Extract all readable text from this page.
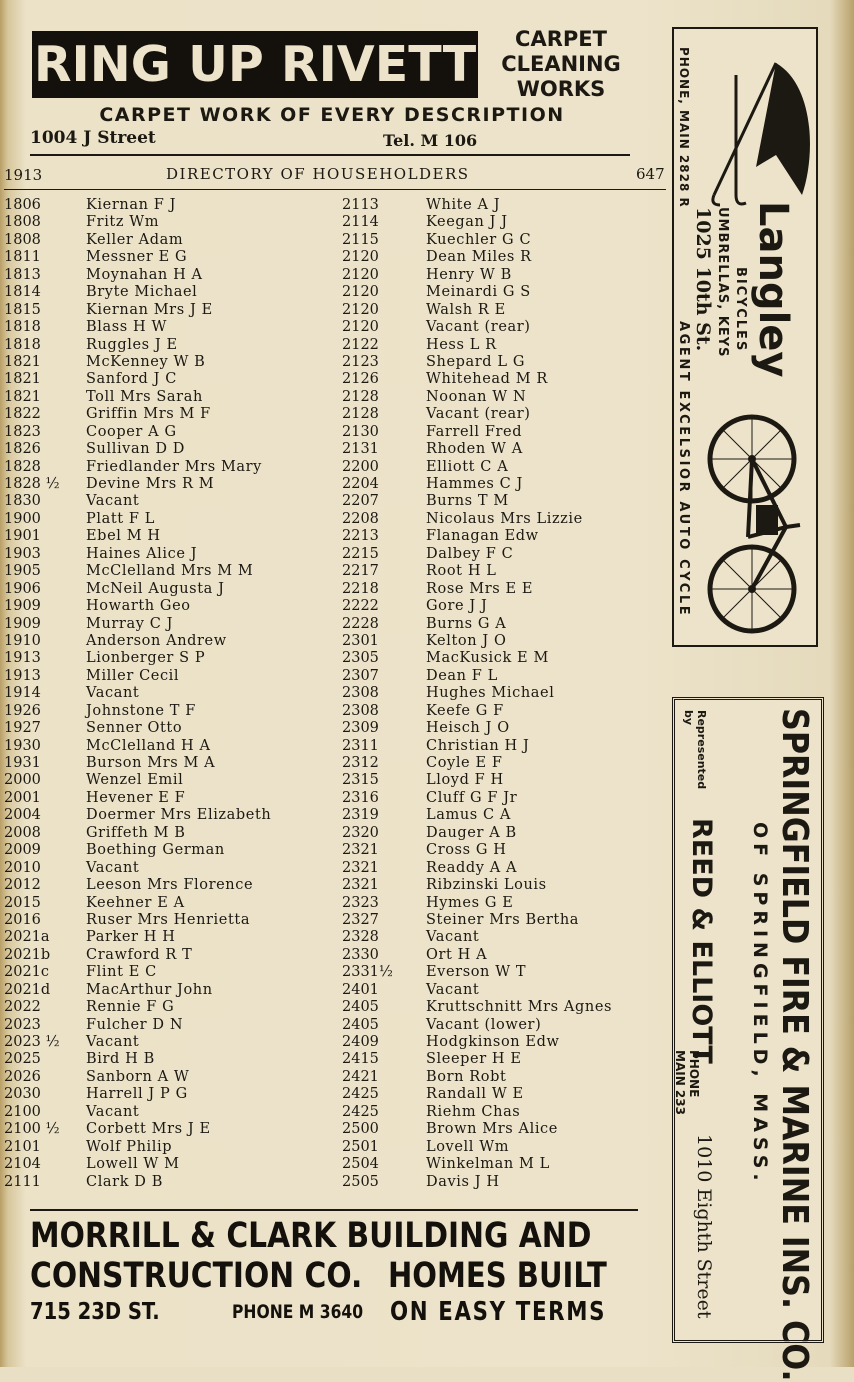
RING UP RIVETT	CARPET
CLEANING
WORKS
CARPET WORK OF EVERY DESCRIPTION
1004 J Street	Tel. M 106
1913	DIRECTORY OF HOUSEHOLDERS	647
1806	Kiernan F J	2113	White A J
1808	Fritz Wm	2114	Keegan J J
1808	Keller Adam	2115	Kuechler G C
1811	Messner E G	2120	Dean Miles R
1813	Moynahan H A	2120	Henry W B
1814	Bryte Michael	2120	Meinardi G S
1815	Kiernan Mrs J E	2120	Walsh R E
1818	Blass H W	2120	Vacant (rear)
1818	Ruggles J E	2122	Hess L R
1821	McKenney W B	2123	Shepard L G
1821	Sanford J C	2126	Whitehead M R
1821	Toll Mrs Sarah	2128	Noonan W N
1822	Griffin Mrs M F	2128	Vacant (rear)
1823	Cooper A G	2130	Farrell Fred
1826	Sullivan D D	2131	Rhoden W A
1828	Friedlander Mrs Mary	2200	Elliott C A
1828 ½ Devine Mrs R M	2204	Hammes C J
1830	Vacant	2207	Burns T M
1900	Platt F L	2208	Nicolaus Mrs Lizzie
1901	Ebel M H	2213	Flanagan Edw
1903	Haines Alice J	2215	Dalbey F C
1905	McClelland Mrs M M	2217	Root H L
1906	McNeil Augusta J	2218	Rose Mrs E E
1909	Howarth Geo	2222	Gore J J
1909	Murray C J	2228	Burns G A
1910	Anderson Andrew	2301	Kelton J O
1913	Lionberger S P	2305	MacKusick E M
1913	Miller Cecil	2307	Dean F L
1914	Vacant	2308	Hughes Michael
1926	Johnstone T F	2308	Keefe G F
1927	Senner Otto	2309	Heisch J O
1930	McClelland H A	2311	Christian H J
1931	Burson Mrs M A	2312	Coyle E F
2000	Wenzel Emil	2315	Lloyd F H
2001	Hevener E F	2316	Cluff G F Jr
2004	Doermer Mrs Elizabeth	2319	Lamus C A
2008	Griffeth M B	2320	Dauger A B
2009	Boething German	2321	Cross G H
2010	Vacant	2321	Readdy A A
2012	Leeson Mrs Florence	2321	Ribzinski Louis
2015	Keehner E A	2323	Hymes G E
2016	Ruser Mrs Henrietta	2327	Steiner Mrs Bertha
2021a	Parker H H	2328	Vacant
2021b Crawford R T	2330	Ort H A
2021c	Flint E C	2331½ Everson W T
2021d MacArthur John	2401	Vacant
2022	Rennie F G	2405	Kruttschnitt Mrs Agnes
2023	Fulcher D N	2405	Vacant (lower)
2023 ½ Vacant	2409	Hodgkinson Edw
2025	Bird H B	2415	Sleeper H E
2026	Sanborn A W	2421	Born Robt
2030	Harrell J P G	2425	Randall W E
2100	Vacant	2425	Riehm Chas
2100 ½ Corbett Mrs J E	2500	Brown Mrs Alice
2101	Wolf Philip	2501	Lovell Wm
2104	Lowell W M	2504	Winkelman M L
2111	Clark D B	2505	Davis J H
PHONE, MAIN 2828 R
Langley
BICYCLES
UMBRELLAS, KEYS
1025 10th St.
AGENT EXCELSIOR AUTO CYCLE
SPRINGFIELD FIRE & MARINE INS. CO.
OF SPRINGFIELD, MASS.
Represented by
REED & ELLIOTT
PHONE MAIN 233
1010 Eighth Street
MORRILL & CLARK BUILDING AND
CONSTRUCTION CO. HOMES BUILT
715 23D ST.	PHONE M 3640 ON EASY TERMS
